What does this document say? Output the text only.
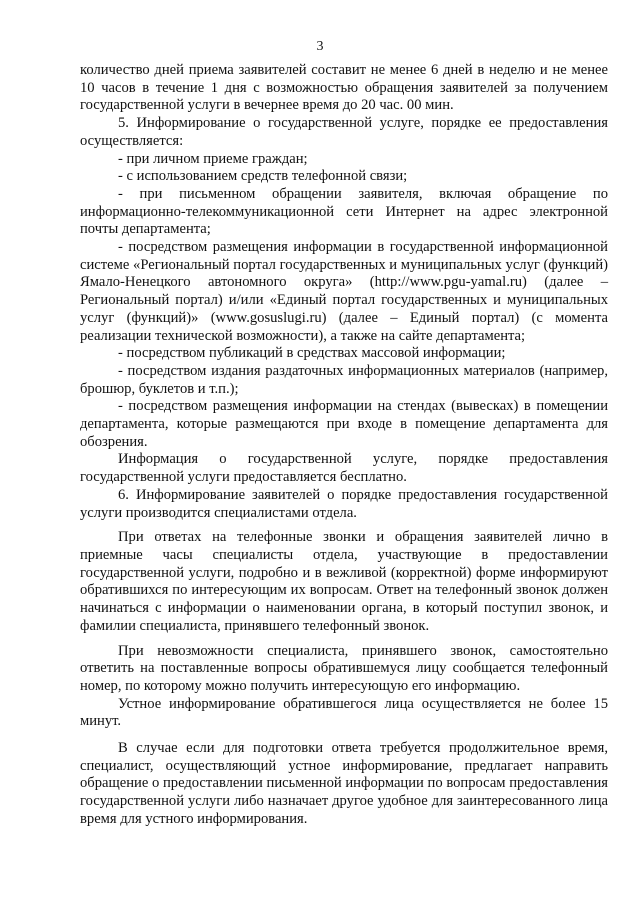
3

количество дней приема заявителей составит не менее 6 дней в неделю и не менее 10 часов в течение 1 дня с возможностью обращения заявителей за получением государственной услуги в вечернее время до 20 час. 00 мин.

5. Информирование о государственной услуге, порядке ее предоставления осуществляется:

- при личном приеме граждан;

- с использованием средств телефонной связи;

- при письменном обращении заявителя, включая обращение по информационно-телекоммуникационной сети Интернет на адрес электронной почты департамента;

- посредством размещения информации в государственной информационной системе «Региональный портал государственных и муниципальных услуг (функций) Ямало-Ненецкого автономного округа» (http://www.pgu-yamal.ru) (далее – Региональный портал) и/или «Единый портал государственных и муниципальных услуг (функций)» (www.gosuslugi.ru) (далее – Единый портал) (с момента реализации технической возможности), а также на сайте департамента;

- посредством публикаций в средствах массовой информации;

- посредством издания раздаточных информационных материалов (например, брошюр, буклетов и т.п.);

- посредством размещения информации на стендах (вывесках) в помещении департамента, которые размещаются при входе в помещение департамента для обозрения.

Информация о государственной услуге, порядке предоставления государственной услуги предоставляется бесплатно.

6. Информирование заявителей о порядке предоставления государственной услуги производится специалистами отдела.

При ответах на телефонные звонки и обращения заявителей лично в приемные часы специалисты отдела, участвующие в предоставлении государственной услуги, подробно и в вежливой (корректной) форме информируют обратившихся по интересующим их вопросам. Ответ на телефонный звонок должен начинаться с информации о наименовании органа, в который поступил звонок, и фамилии специалиста, принявшего телефонный звонок.

При невозможности специалиста, принявшего звонок, самостоятельно ответить на поставленные вопросы обратившемуся лицу сообщается телефонный номер, по которому можно получить интересующую его информацию.

Устное информирование обратившегося лица осуществляется не более 15 минут.

В случае если для подготовки ответа требуется продолжительное время, специалист, осуществляющий устное информирование, предлагает направить обращение о предоставлении письменной информации по вопросам предоставления государственной услуги либо назначает другое удобное для заинтересованного лица время для устного информирования.
